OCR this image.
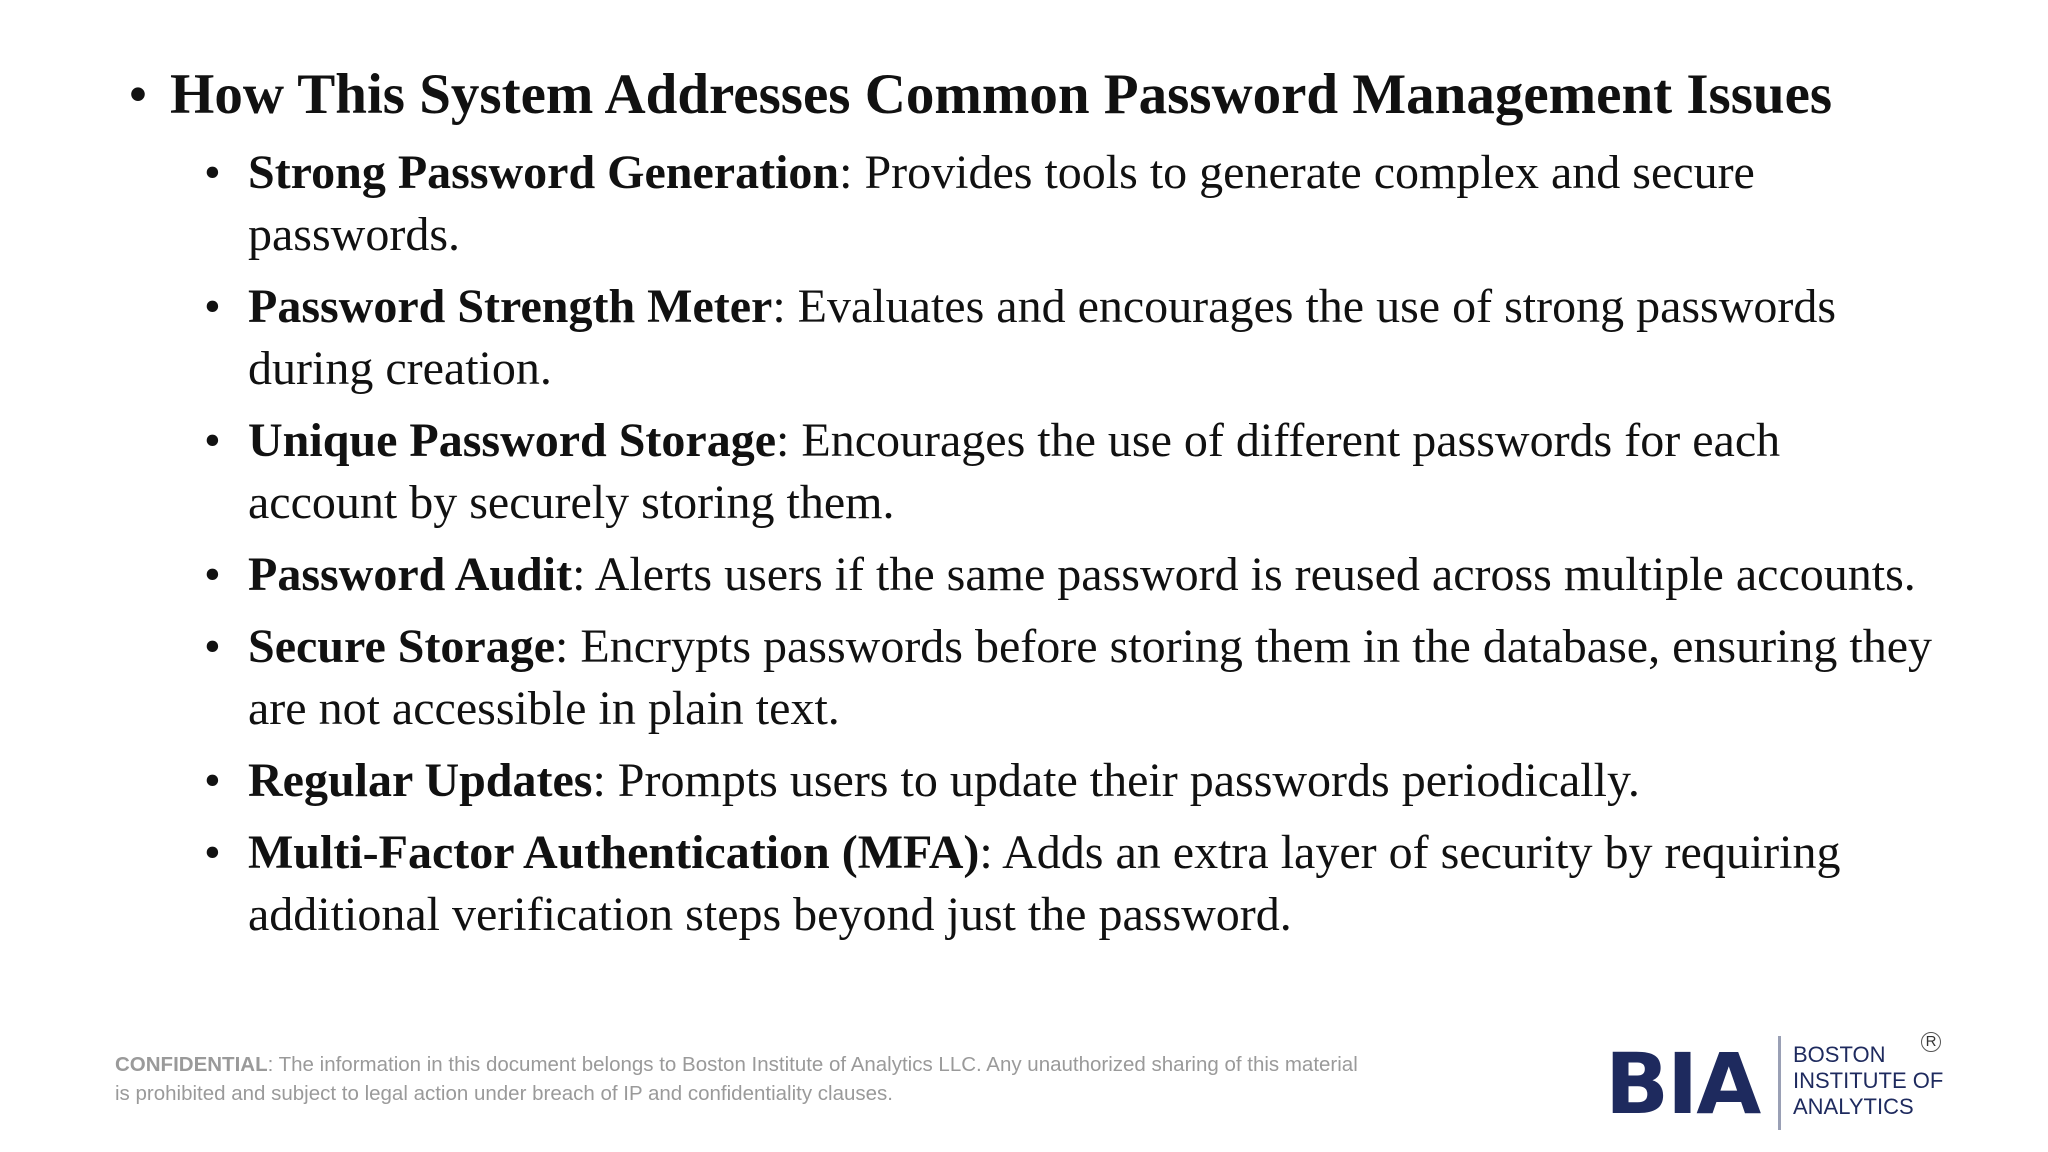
• How This System Addresses Common Password Management Issues
• Strong Password Generation: Provides tools to generate complex and secure passwords.
• Password Strength Meter: Evaluates and encourages the use of strong passwords during creation.
• Unique Password Storage: Encourages the use of different passwords for each account by securely storing them.
• Password Audit: Alerts users if the same password is reused across multiple accounts.
• Secure Storage: Encrypts passwords before storing them in the database, ensuring they are not accessible in plain text.
• Regular Updates: Prompts users to update their passwords periodically.
• Multi-Factor Authentication (MFA): Adds an extra layer of security by requiring additional verification steps beyond just the password.
CONFIDENTIAL: The information in this document belongs to Boston Institute of Analytics LLC. Any unauthorized sharing of this material is prohibited and subject to legal action under breach of IP and confidentiality clauses.	BIA BOSTON
INSTITUTE OF
ANALYTICS
R
